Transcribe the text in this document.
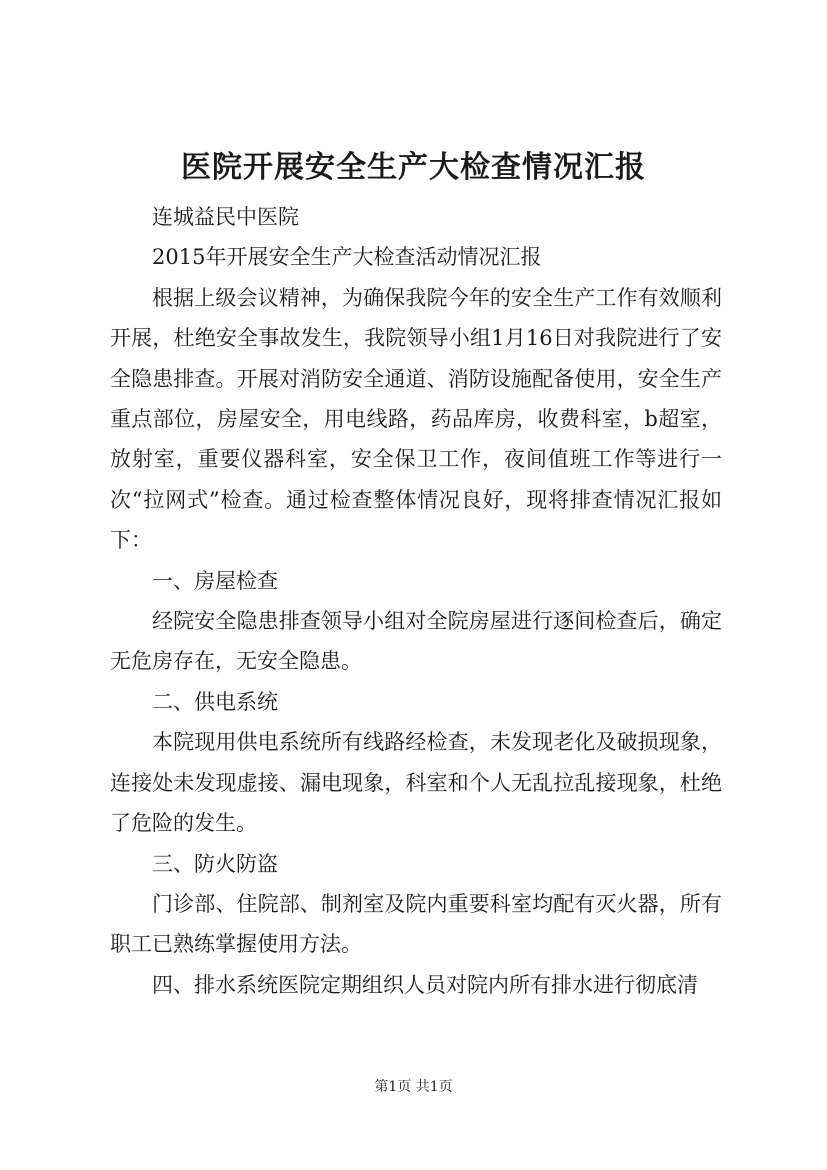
医院开展安全生产大检查情况汇报

连城益民中医院

2015年开展安全生产大检查活动情况汇报

根据上级会议精神，为确保我院今年的安全生产工作有效顺利开展，杜绝安全事故发生，我院领导小组1月16日对我院进行了安全隐患排查。开展对消防安全通道、消防设施配备使用，安全生产重点部位，房屋安全，用电线路，药品库房，收费科室，b超室，放射室，重要仪器科室，安全保卫工作，夜间值班工作等进行一次“拉网式”检查。通过检查整体情况良好，现将排查情况汇报如下：

一、房屋检查

经院安全隐患排查领导小组对全院房屋进行逐间检查后，确定无危房存在，无安全隐患。

二、供电系统

本院现用供电系统所有线路经检查，未发现老化及破损现象，连接处未发现虚接、漏电现象，科室和个人无乱拉乱接现象，杜绝了危险的发生。

三、防火防盗

门诊部、住院部、制剂室及院内重要科室均配有灭火器，所有职工已熟练掌握使用方法。

四、排水系统医院定期组织人员对院内所有排水进行彻底清

第1页 共1页
